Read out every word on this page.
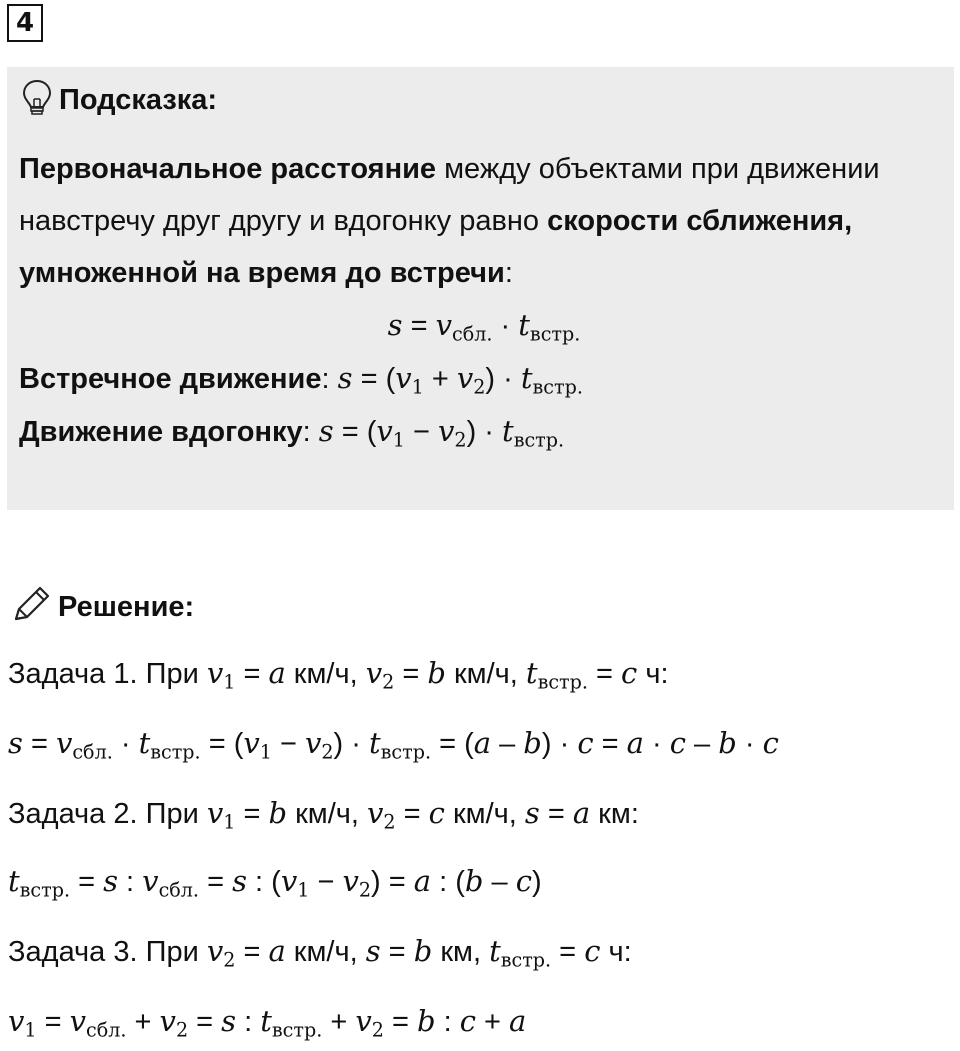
4
Подсказка:
Первоначальное расстояние между объектами при движении навстречу друг другу и вдогонку равно скорости сближения, умноженной на время до встречи:
$s = v_{сбл.} \cdot t_{встр.}$
Встречное движение: $s = (v_1 + v_2) \cdot t_{встр.}$
Движение вдогонку: $s = (v_1 - v_2) \cdot t_{встр.}$
Решение:
Задача 1. При $v_1 = a$ км/ч, $v_2 = b$ км/ч, $t_{встр.} = c$ ч:
$s = v_{сбл.} \cdot t_{встр.} = (v_1 - v_2) \cdot t_{встр.} = (a - b) \cdot c = a \cdot c - b \cdot c$
Задача 2. При $v_1 = b$ км/ч, $v_2 = c$ км/ч, s = a км:
$t_{встр.} = s$ : $v_{сбл.} = s$ : $(v_1 - v_2) = a$ : (b – c)
Задача 3. При $v_2 = a$ км/ч, s = b км, $t_{встр.} = c$ ч:
$v_1 = v_{сбл.} + v_2 = s$ : $t_{встр.} + v_2 = b$ : c + a
